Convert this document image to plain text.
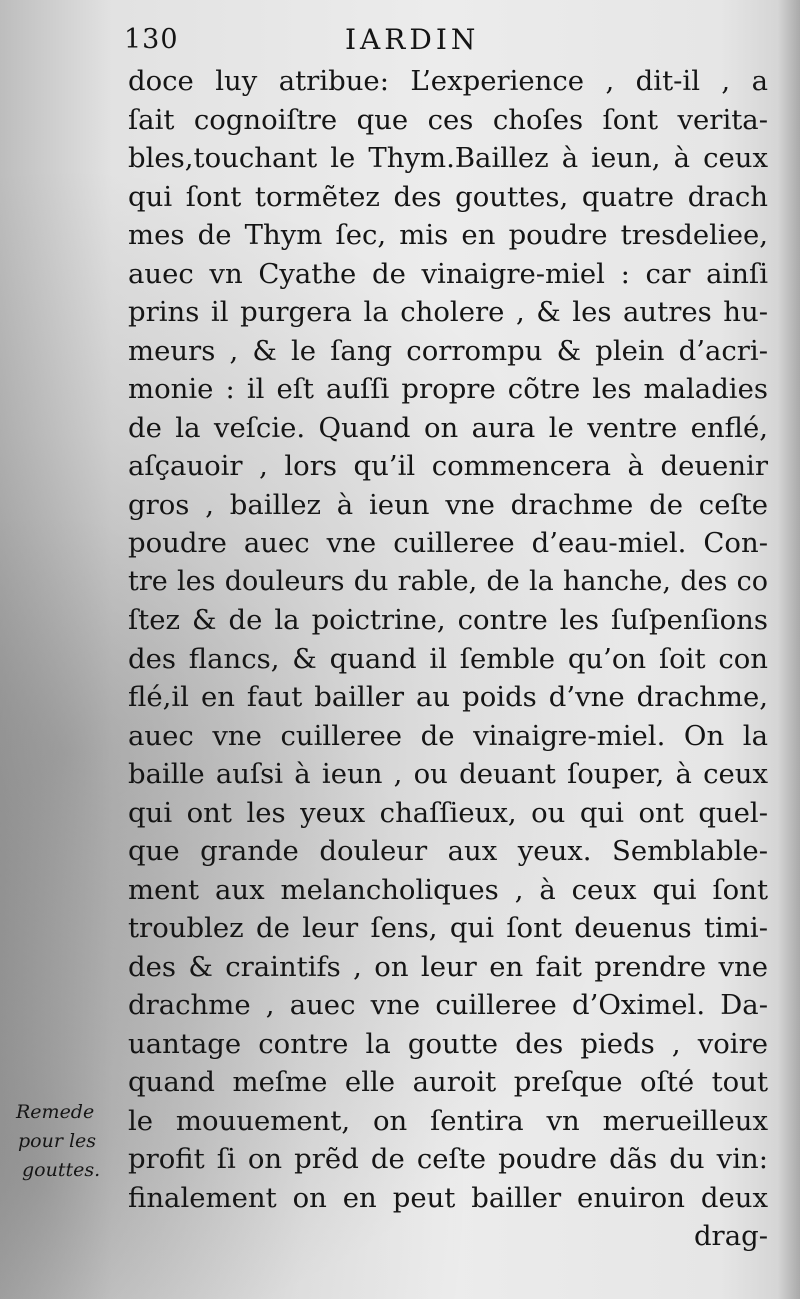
130	IARDIN
doce luy atribue: L’experience , dit-il , a
ſait cognoiſtre que ces choſes ſont verita-
bles,touchant le Thym.Baillez à ieun, à ceux
qui ſont tormẽtez des gouttes, quatre drach
mes de Thym ſec, mis en poudre tresdeliee,
auec vn Cyathe de vinaigre-miel : car ainſi
prins il purgera la cholere , & les autres hu-
meurs , & le ſang corrompu & plein d’acri-
monie : il eſt auſſi propre cõtre les maladies
de la veſcie. Quand on aura le ventre enflé,
aſçauoir , lors qu’il commencera à deuenir
gros , baillez à ieun vne drachme de ceſte
poudre auec vne cuilleree d’eau-miel. Con-
tre les douleurs du rable, de la hanche, des co
ſtez & de la poictrine, contre les ſuſpenſions
des flancs, & quand il ſemble qu’on ſoit con
flé,il en faut bailler au poids d’vne drachme,
auec vne cuilleree de vinaigre-miel. On la
baille auſsi à ieun , ou deuant ſouper, à ceux
qui ont les yeux chaſſieux, ou qui ont quel-
que grande douleur aux yeux. Semblable-
ment aux melancholiques , à ceux qui ſont
troublez de leur ſens, qui ſont deuenus timi-
des & craintifs , on leur en fait prendre vne
drachme , auec vne cuilleree d’Oximel. Da-
uantage contre la goutte des pieds , voire
quand meſme elle auroit preſque oſté tout
le mouuement, on ſentira vn merueilleux
profit ſi on prẽd de ceſte poudre dãs du vin:
finalement on en peut bailler enuiron deux
drag-
Remede
pour les
gouttes.
